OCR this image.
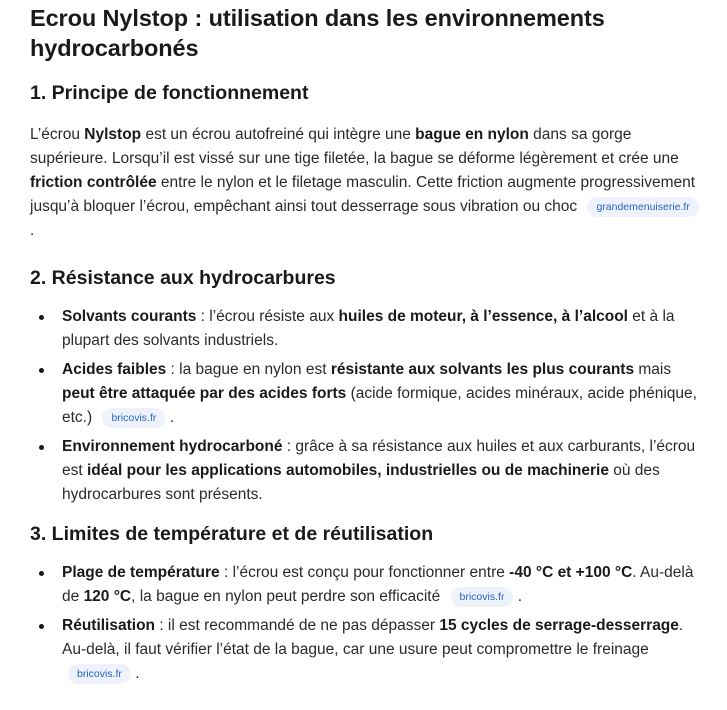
Ecrou Nylstop : utilisation dans les environnements hydrocarbonés
1. Principe de fonctionnement

L’écrou Nylstop est un écrou autofreiné qui intègre une bague en nylon dans sa gorge supérieure. Lorsqu’il est vissé sur une tige filetée, la bague se déforme légèrement et crée une friction contrôlée entre le nylon et le filetage masculin. Cette friction augmente progressivement jusqu’à bloquer l’écrou, empêchant ainsi tout desserrage sous vibration ou choc grandemenuiserie.fr .

2. Résistance aux hydrocarbures
Solvants courants : l’écrou résiste aux huiles de moteur, à l’essence, à l’alcool et à la plupart des solvants industriels.
Acides faibles : la bague en nylon est résistante aux solvants les plus courants mais peut être attaquée par des acides forts (acide formique, acides minéraux, acide phénique, etc.) bricovis.fr .
Environnement hydrocarboné : grâce à sa résistance aux huiles et aux carburants, l’écrou est idéal pour les applications automobiles, industrielles ou de machinerie où des hydrocarbures sont présents.
3. Limites de température et de réutilisation
Plage de température : l’écrou est conçu pour fonctionner entre -40 °C et +100 °C. Au-delà de 120 °C, la bague en nylon peut perdre son efficacité bricovis.fr .
Réutilisation : il est recommandé de ne pas dépasser 15 cycles de serrage-desserrage. Au-delà, il faut vérifier l’état de la bague, car une usure peut compromettre le freinage bricovis.fr .
